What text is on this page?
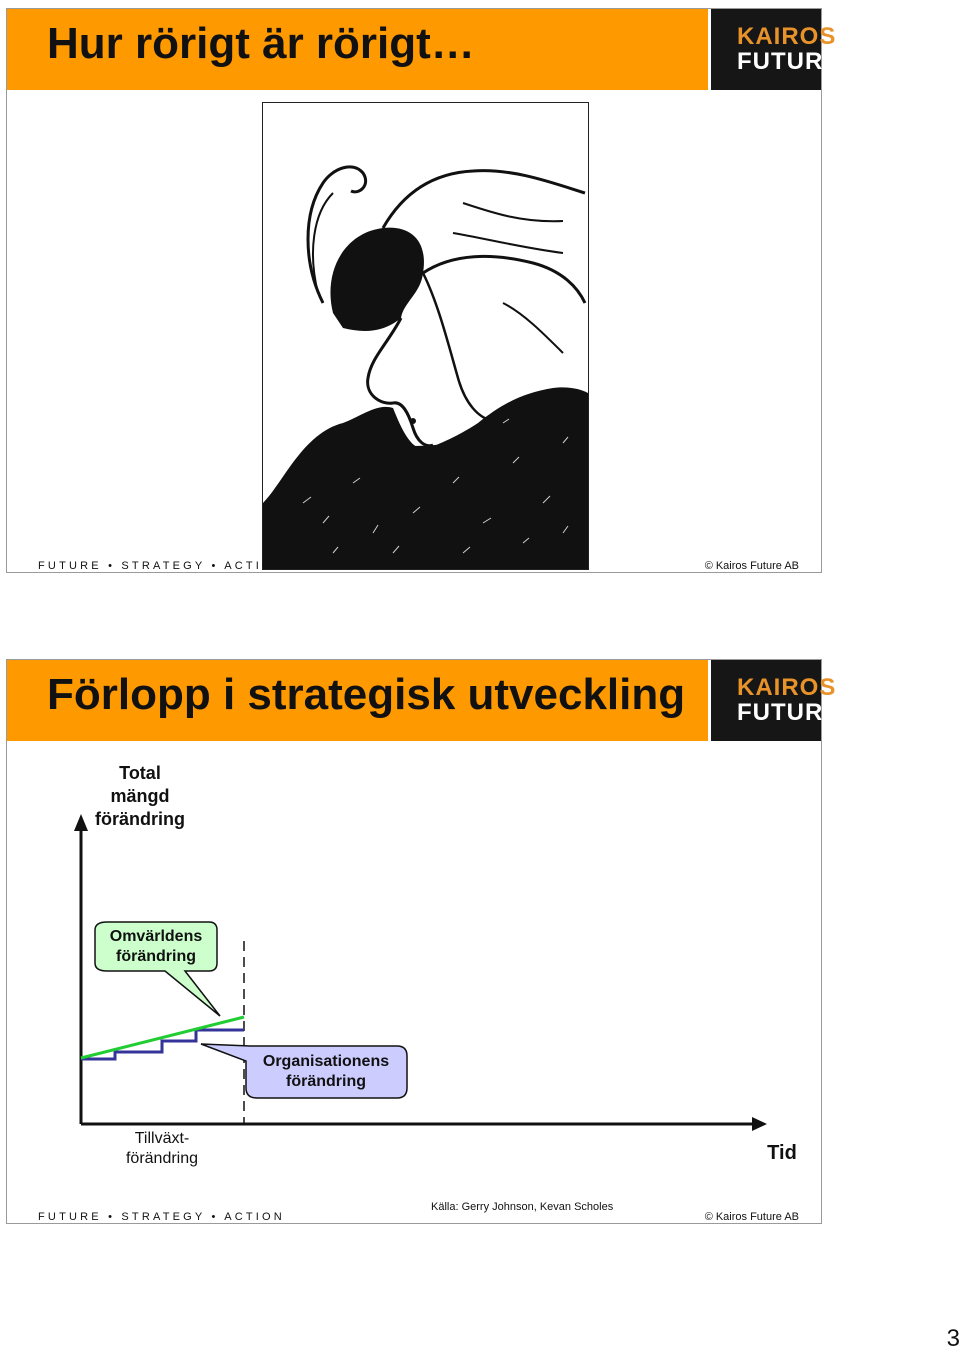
Hur rörigt är rörigt…	KAIROS
FUTURE
FUTURE • STRATEGY • ACTION	© Kairos Future AB
Förlopp i strategisk utveckling KAIROS
FUTURE
Total
mängd
förändring
Omvärldens
förändring
Organisationens
förändring
Tillväxt-
förändring	Tid
Källa: Gerry Johnson, Kevan Scholes
FUTURE • STRATEGY • ACTION	© Kairos Future AB
3
